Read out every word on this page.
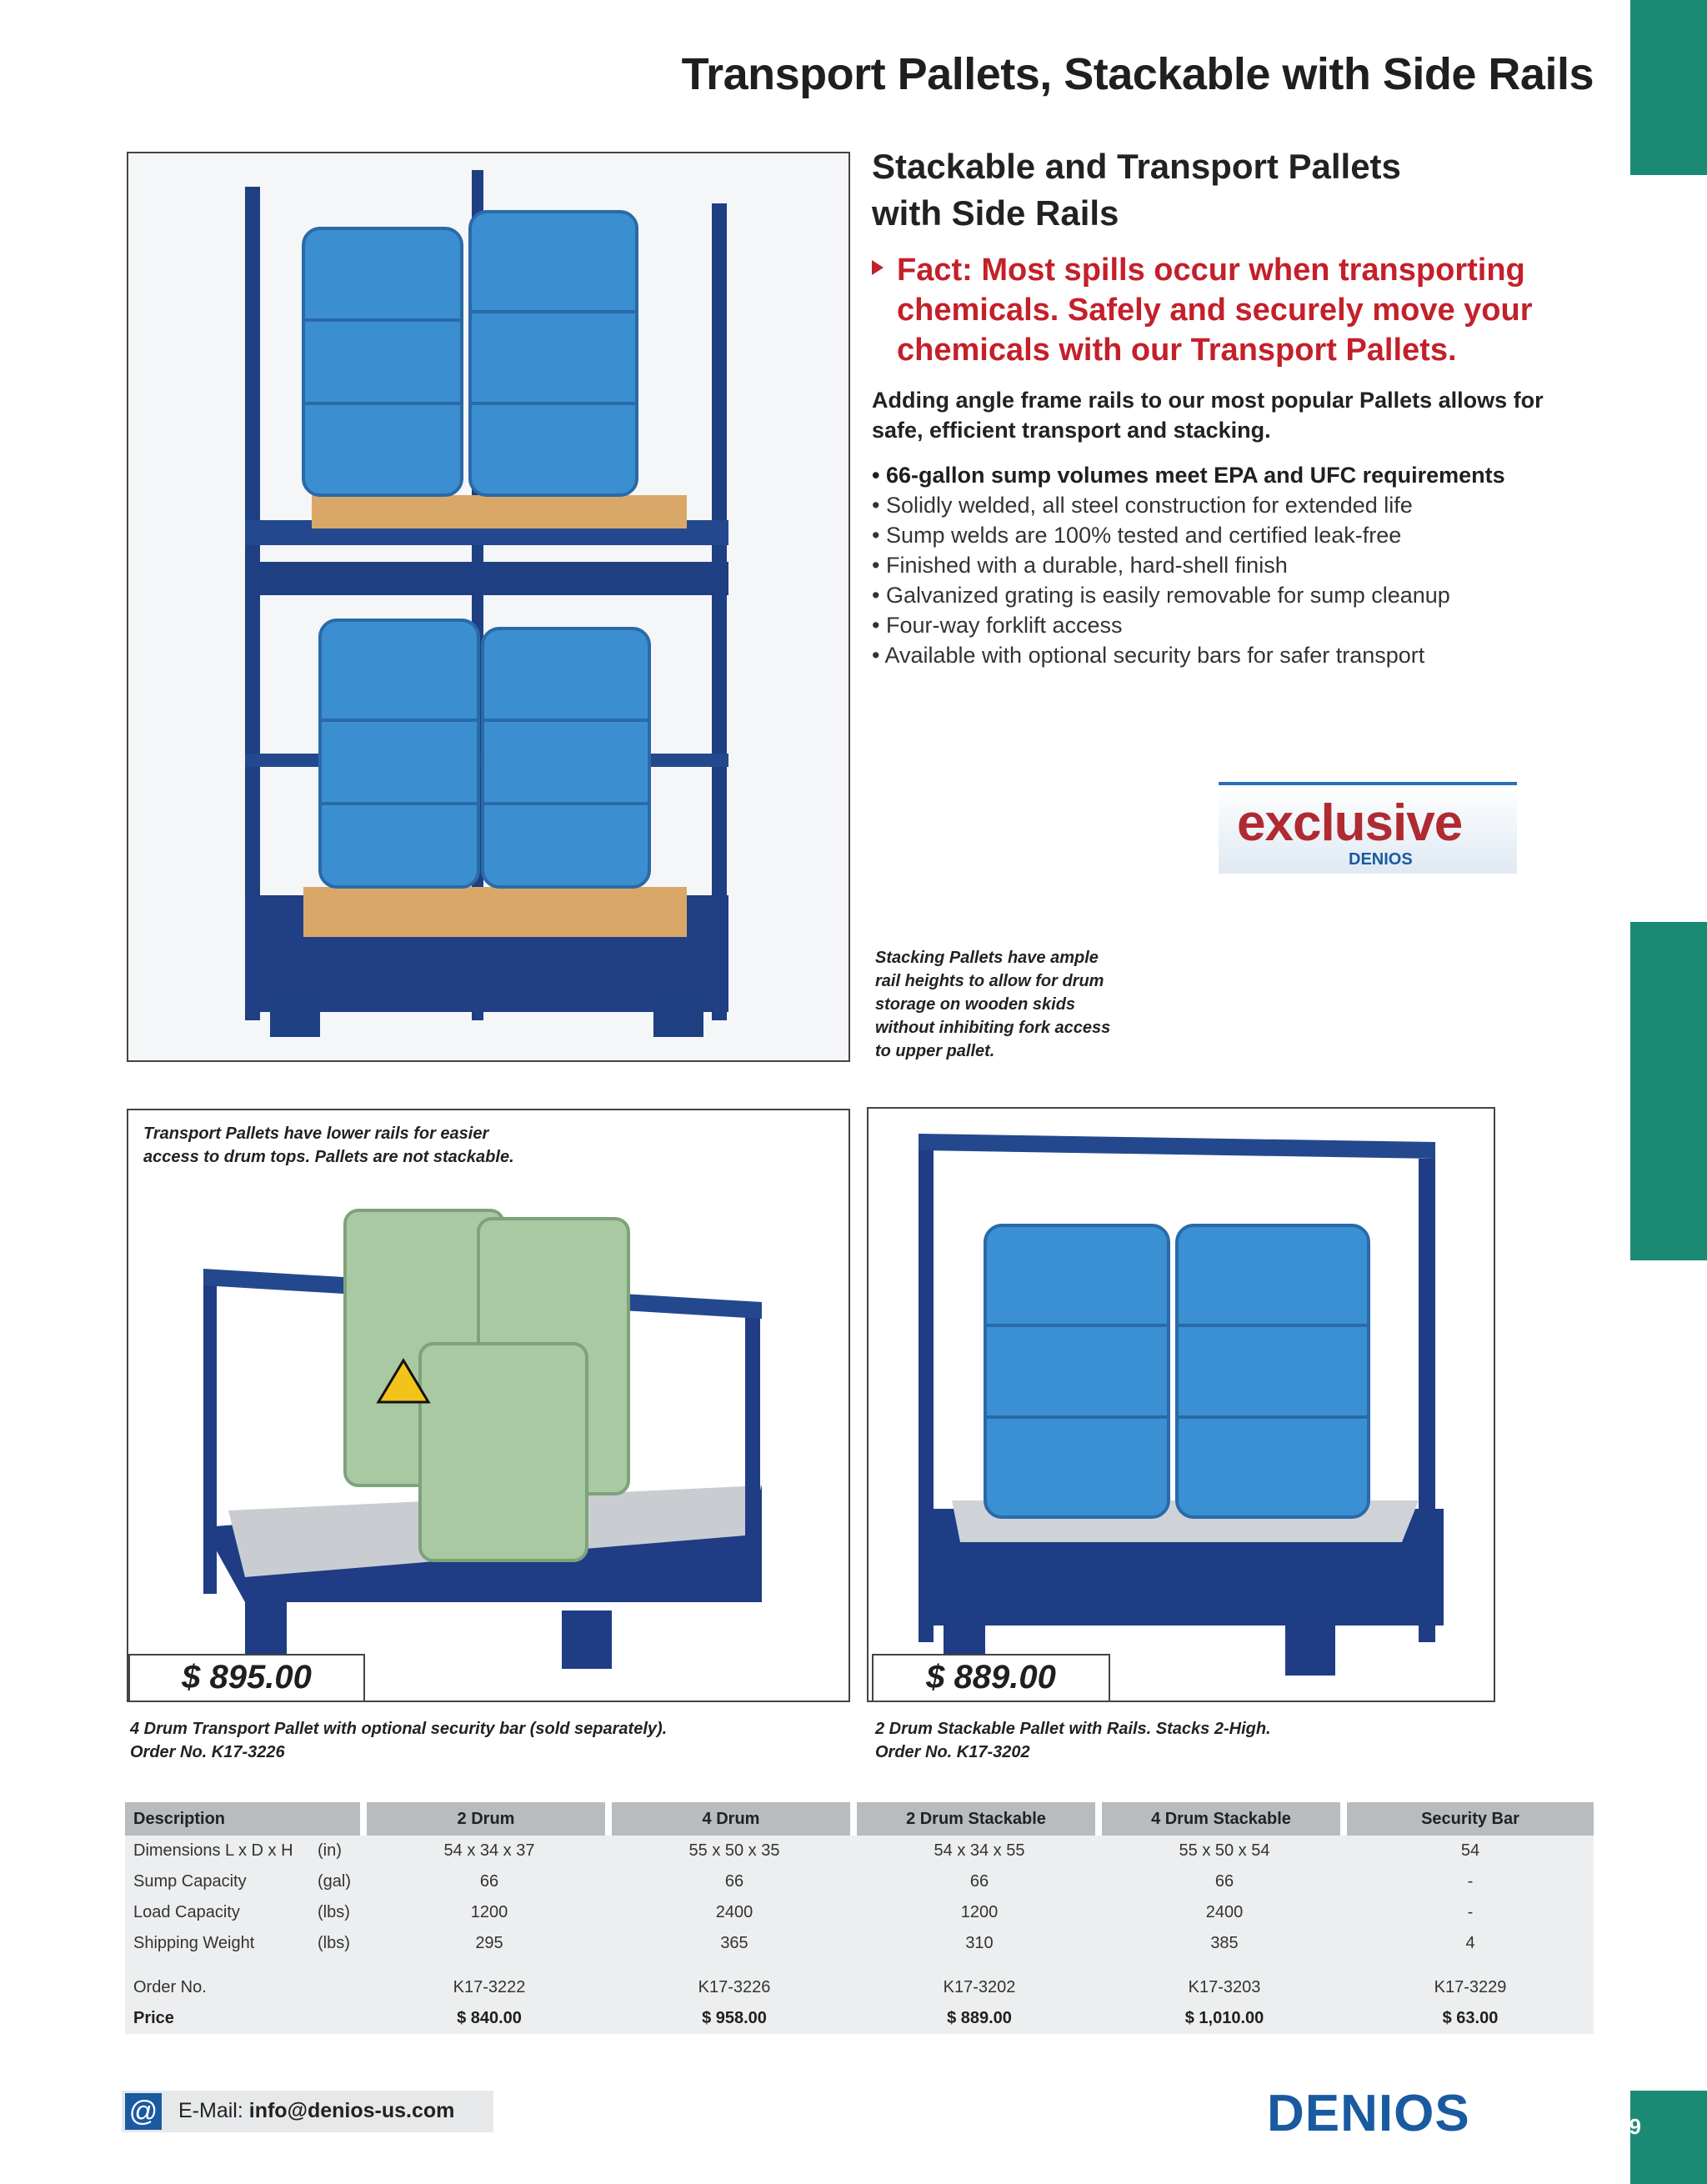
99
Transport Pallets, Stackable with Side Rails
Stackable and Transport Pallets
with Side Rails
Fact: Most spills occur when transporting chemicals. Safely and securely move your chemicals with our Transport Pallets.
Adding angle frame rails to our most popular Pallets allows for safe, efficient transport and stacking.
• 66-gallon sump volumes meet EPA and UFC requirements
• Solidly welded, all steel construction for extended life
• Sump welds are 100% tested and certified leak-free
• Finished with a durable, hard-shell finish
• Galvanized grating is easily removable for sump cleanup
• Four-way forklift access
• Available with optional security bars for safer transport
exclusive
DENIOS
Stacking Pallets have ample rail heights to allow for drum storage on wooden skids without inhibiting fork access to upper pallet.
Transport Pallets have lower rails for easier access to drum tops. Pallets are not stackable.
$ 895.00
4 Drum Transport Pallet with optional security bar (sold separately).
Order No. K17-3226
$ 889.00
2 Drum Stackable Pallet with Rails. Stacks 2-High.
Order No. K17-3202
Description		2 Drum	4 Drum	2 Drum Stackable	4 Drum Stackable	Security Bar
Dimensions L x D x H	(in)	54 x 34 x 37	55 x 50 x 35	54 x 34 x 55	55 x 50 x 54	54
Sump Capacity	(gal)	66	66	66	66	-
Load Capacity	(lbs)	1200	2400	1200	2400	-
Shipping Weight	(lbs)	295	365	310	385	4

Order No.		K17-3222	K17-3226	K17-3202	K17-3203	K17-3229
Price		$ 840.00	$ 958.00	$ 889.00	$ 1,010.00	$ 63.00
@ E-Mail: info@denios-us.com	DENIOS
